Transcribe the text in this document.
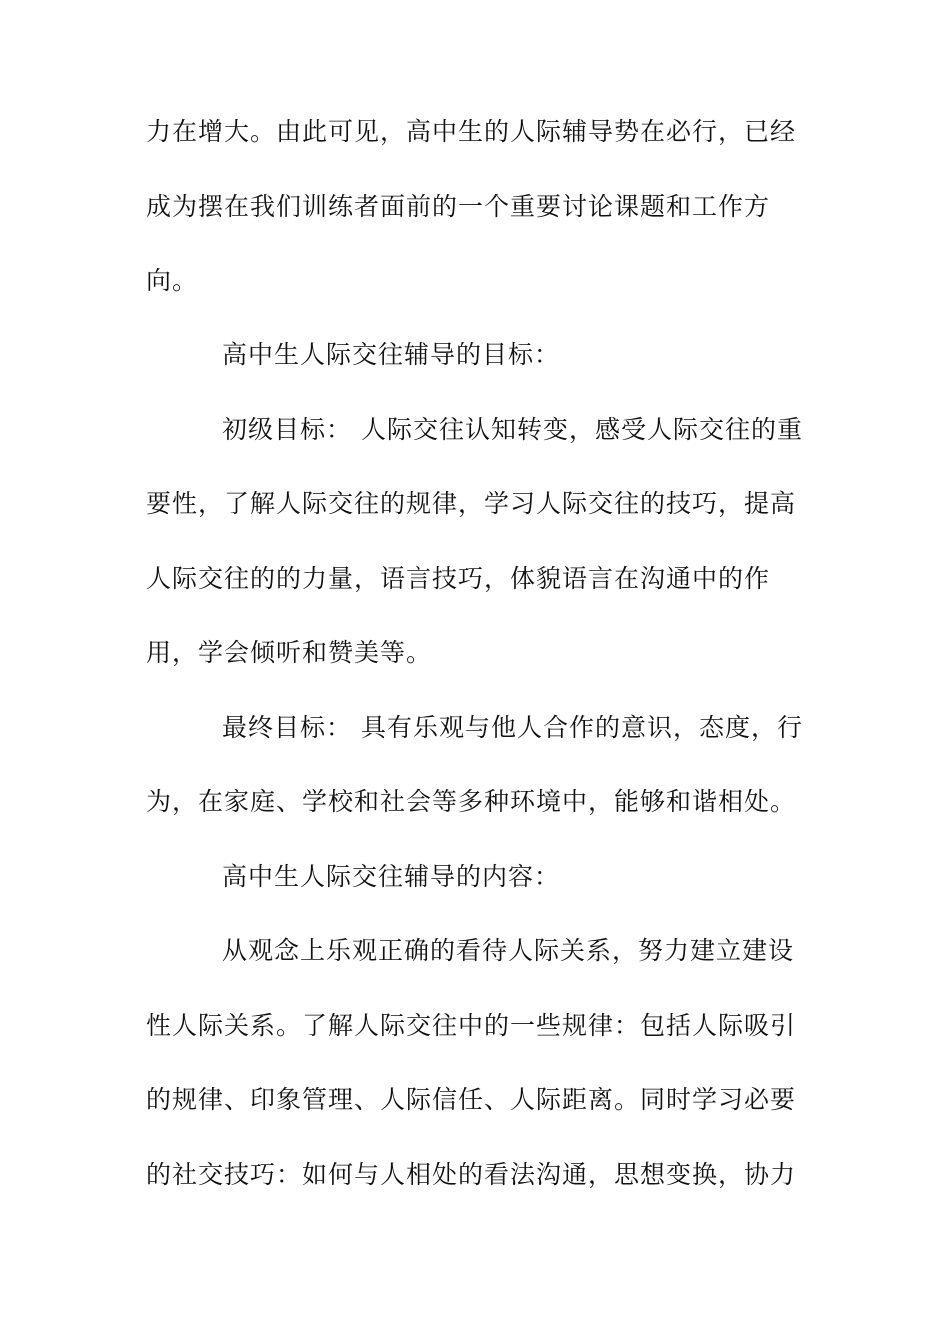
力在增大。由此可见，高中生的人际辅导势在必行，已经
成为摆在我们训练者面前的一个重要讨论课题和工作方
向。
高中生人际交往辅导的目标：
初级目标： 人际交往认知转变，感受人际交往的重
要性，了解人际交往的规律，学习人际交往的技巧，提高
人际交往的的力量，语言技巧，体貌语言在沟通中的作
用，学会倾听和赞美等。
最终目标： 具有乐观与他人合作的意识，态度，行
为，在家庭、学校和社会等多种环境中，能够和谐相处。
高中生人际交往辅导的内容：
从观念上乐观正确的看待人际关系，努力建立建设
性人际关系。了解人际交往中的一些规律：包括人际吸引
的规律、印象管理、人际信任、人际距离。同时学习必要
的社交技巧：如何与人相处的看法沟通，思想变换，协力
